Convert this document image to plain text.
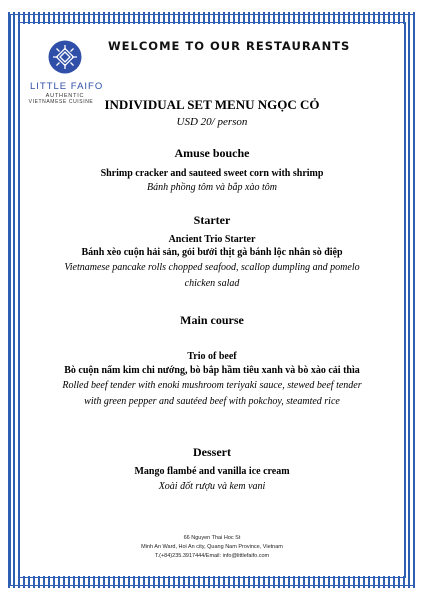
LITTLE FAIFO
AUTHENTIC
VIETNAMESE CUISINE
WELCOME TO OUR RESTAURANTS
INDIVIDUAL SET MENU NGỌC CỎ
USD 20/ person
Amuse bouche
Shrimp cracker and sauteed sweet corn with shrimp
Bánh phồng tôm và bắp xào tôm
Starter
Ancient Trio Starter
Bánh xèo cuộn hải sản, gỏi bưởi thịt gà bánh lộc nhân sò điệp
Vietnamese pancake rolls chopped seafood, scallop dumpling and pomelo
chicken salad
Main course
Trio of beef
Bò cuộn nấm kim chi nướng, bò bắp hầm tiêu xanh và bò xào cải thìa
Rolled beef tender with enoki mushroom teriyaki sauce, stewed beef tender
with green pepper and sautéed beef with pokchoy, steamted rice
Dessert
Mango flambé and vanilla ice cream
Xoài đốt rượu và kem vani
66 Nguyen Thai Hoc St
Minh An Ward, Hoi An city, Quang Nam Province, Vietnam
T.(+84)235.3917444/Email: info@littlefaifo.com
